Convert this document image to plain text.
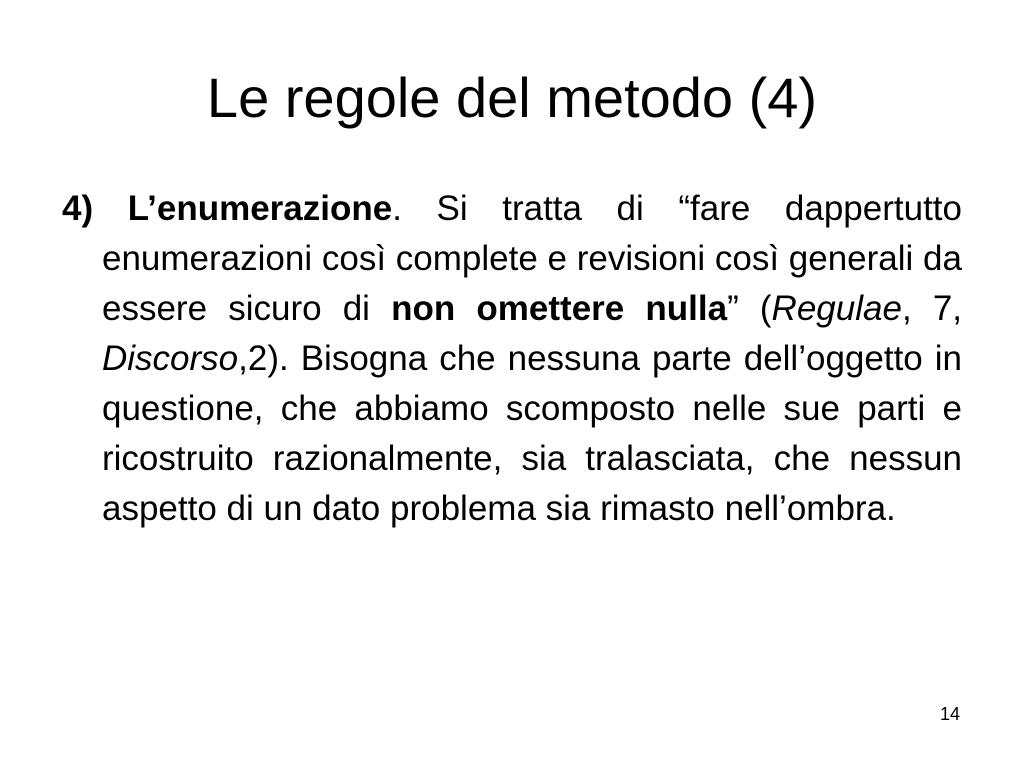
Le regole del metodo (4)

4) L’enumerazione. Si tratta di “fare dappertutto enumerazioni così complete e revisioni così generali da essere sicuro di non omettere nulla” (Regulae, 7, Discorso,2). Bisogna che nessuna parte dell’oggetto in questione, che abbiamo scomposto nelle sue parti e ricostruito razionalmente, sia tralasciata, che nessun aspetto di un dato problema sia rimasto nell’ombra.

14
